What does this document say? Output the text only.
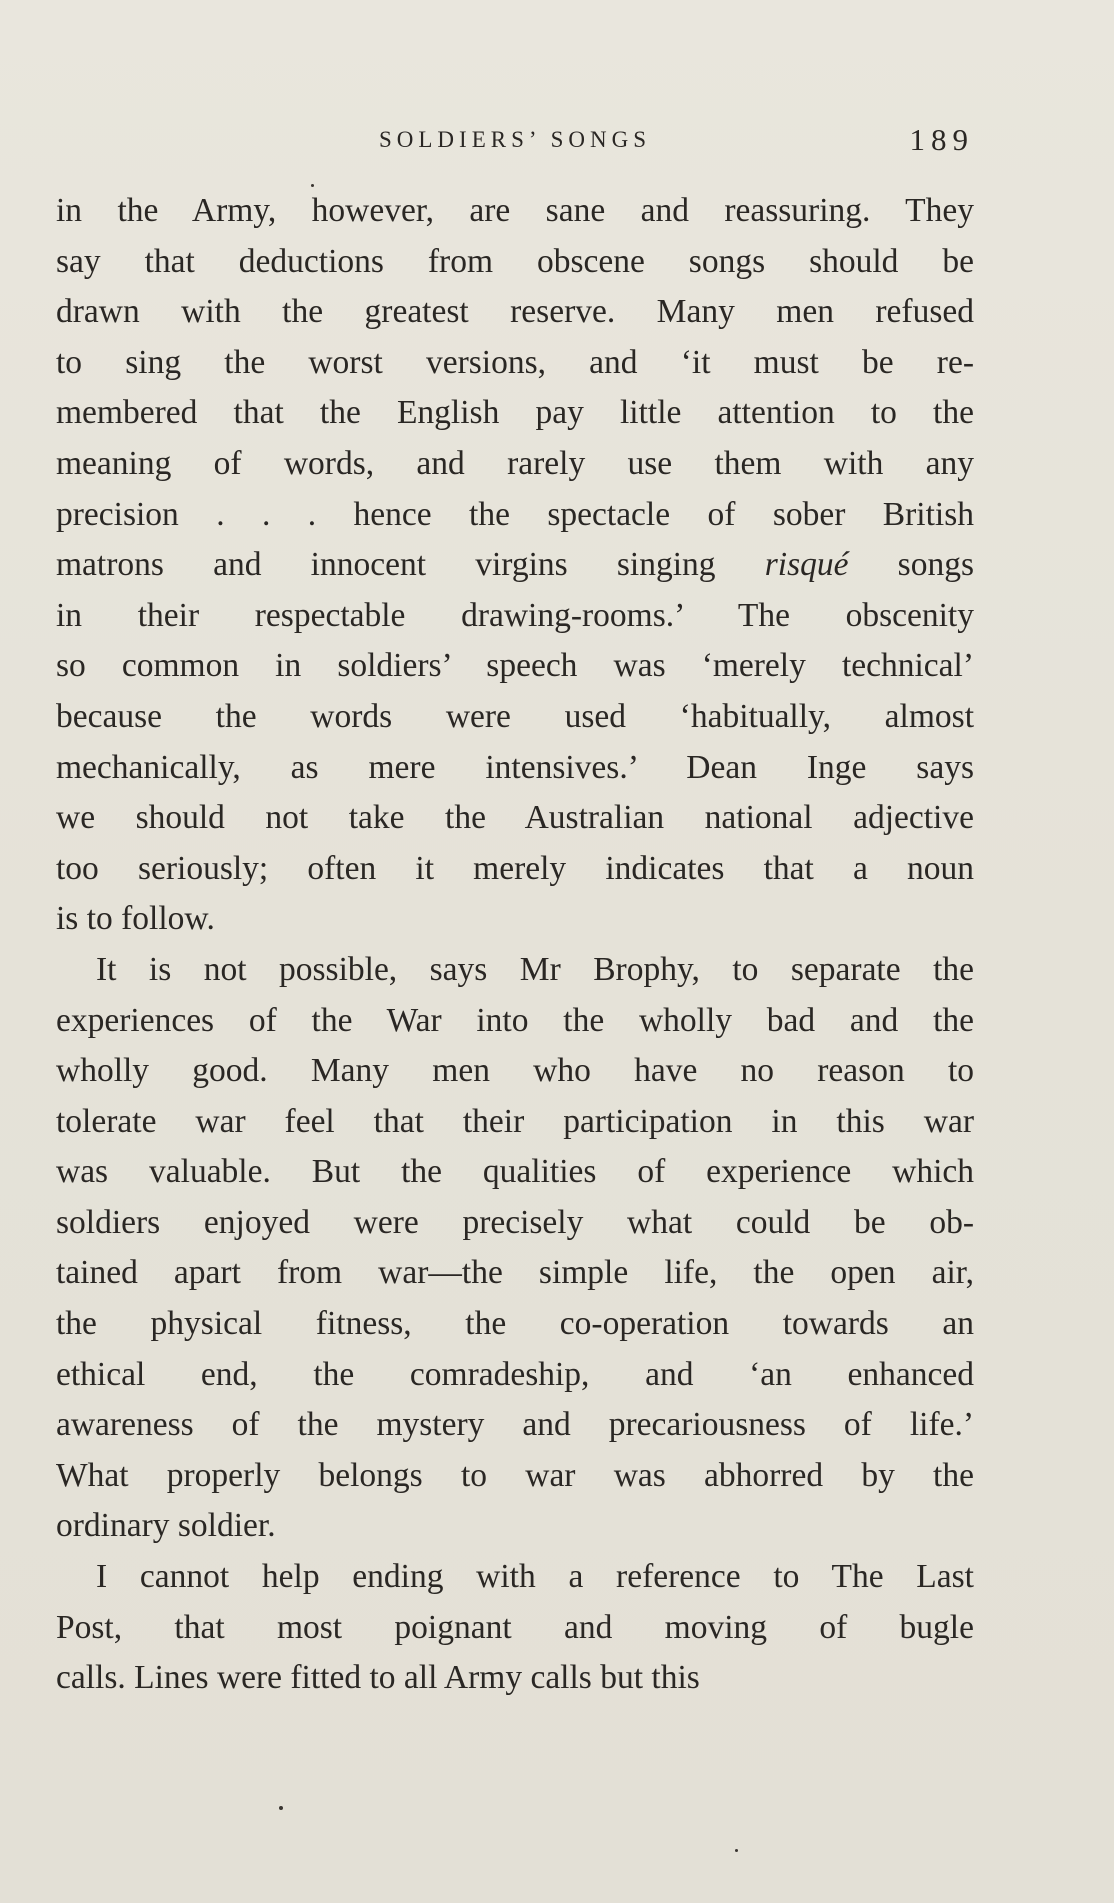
SOLDIERS’ SONGS	189
in the Army, however, are sane and reassuring. They
say that deductions from obscene songs should be
drawn with the greatest reserve. Many men refused
to sing the worst versions, and ‘it must be re-
membered that the English pay little attention to the
meaning of words, and rarely use them with any
precision . . . hence the spectacle of sober British
matrons and innocent virgins singing risqué songs
in their respectable drawing-rooms.’ The obscenity
so common in soldiers’ speech was ‘merely technical’
because the words were used ‘habitually, almost
mechanically, as mere intensives.’ Dean Inge says
we should not take the Australian national adjective
too seriously; often it merely indicates that a noun
is to follow.
It is not possible, says Mr Brophy, to separate the
experiences of the War into the wholly bad and the
wholly good. Many men who have no reason to
tolerate war feel that their participation in this war
was valuable. But the qualities of experience which
soldiers enjoyed were precisely what could be ob-
tained apart from war—the simple life, the open air,
the physical fitness, the co-operation towards an
ethical end, the comradeship, and ‘an enhanced
awareness of the mystery and precariousness of life.’
What properly belongs to war was abhorred by the
ordinary soldier.
I cannot help ending with a reference to The Last
Post, that most poignant and moving of bugle
calls. Lines were fitted to all Army calls but this
